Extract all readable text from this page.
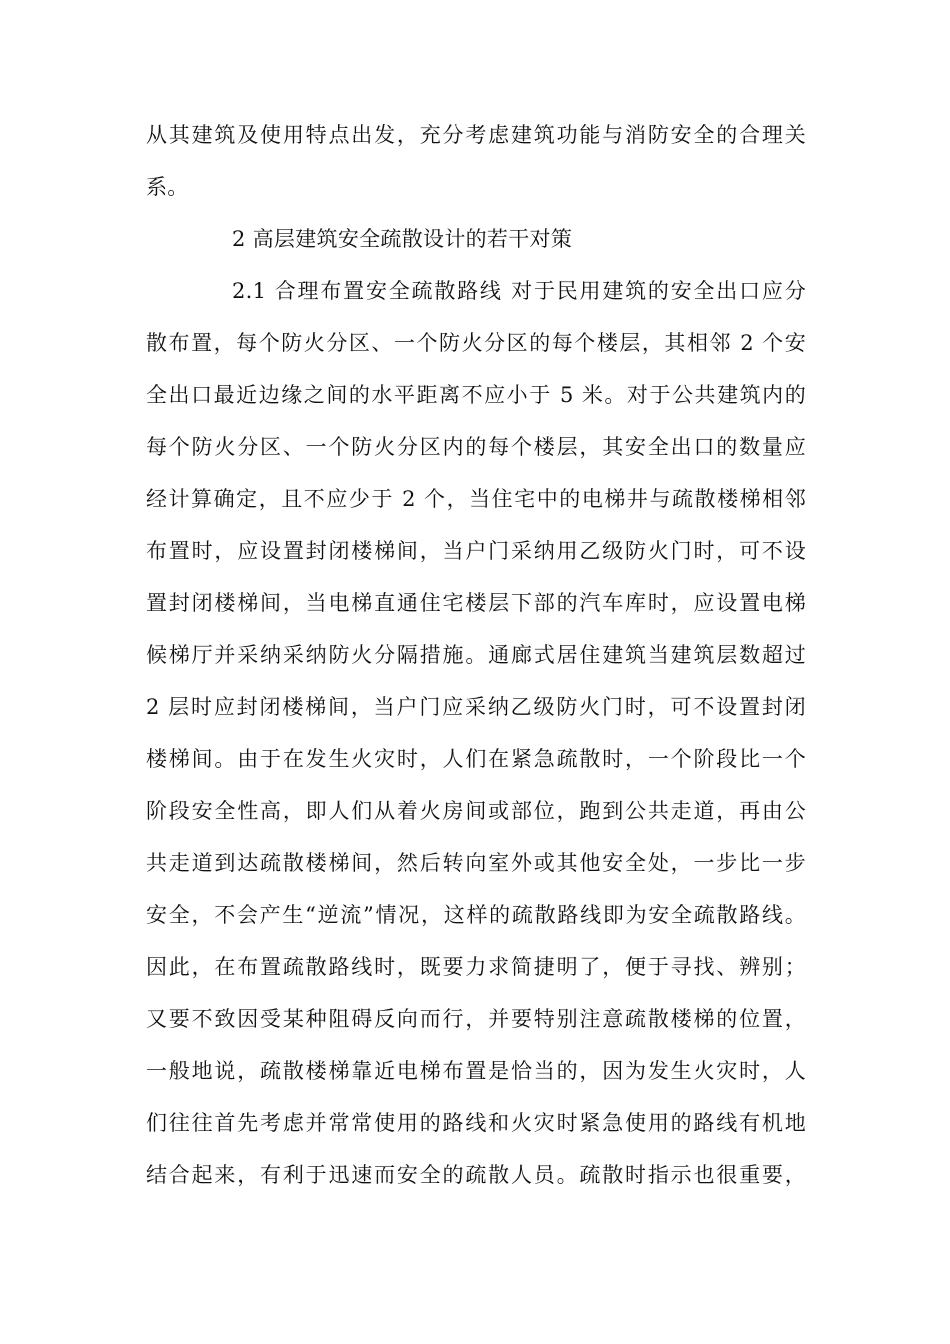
从其建筑及使用特点出发，充分考虑建筑功能与消防安全的合理关
系。
2 高层建筑安全疏散设计的若干对策
2.1 合理布置安全疏散路线 对于民用建筑的安全出口应分
散布置，每个防火分区、一个防火分区的每个楼层，其相邻 2 个安
全出口最近边缘之间的水平距离不应小于 5 米。对于公共建筑内的
每个防火分区、一个防火分区内的每个楼层，其安全出口的数量应
经计算确定，且不应少于 2 个，当住宅中的电梯井与疏散楼梯相邻
布置时，应设置封闭楼梯间，当户门采纳用乙级防火门时，可不设
置封闭楼梯间，当电梯直通住宅楼层下部的汽车库时，应设置电梯
候梯厅并采纳采纳防火分隔措施。通廊式居住建筑当建筑层数超过
2 层时应封闭楼梯间，当户门应采纳乙级防火门时，可不设置封闭
楼梯间。由于在发生火灾时，人们在紧急疏散时，一个阶段比一个
阶段安全性高，即人们从着火房间或部位，跑到公共走道，再由公
共走道到达疏散楼梯间，然后转向室外或其他安全处，一步比一步
安全，不会产生“逆流”情况，这样的疏散路线即为安全疏散路线。
因此，在布置疏散路线时，既要力求简捷明了，便于寻找、辨别；
又要不致因受某种阻碍反向而行，并要特别注意疏散楼梯的位置，
一般地说，疏散楼梯靠近电梯布置是恰当的，因为发生火灾时，人
们往往首先考虑并常常使用的路线和火灾时紧急使用的路线有机地
结合起来，有利于迅速而安全的疏散人员。疏散时指示也很重要，
